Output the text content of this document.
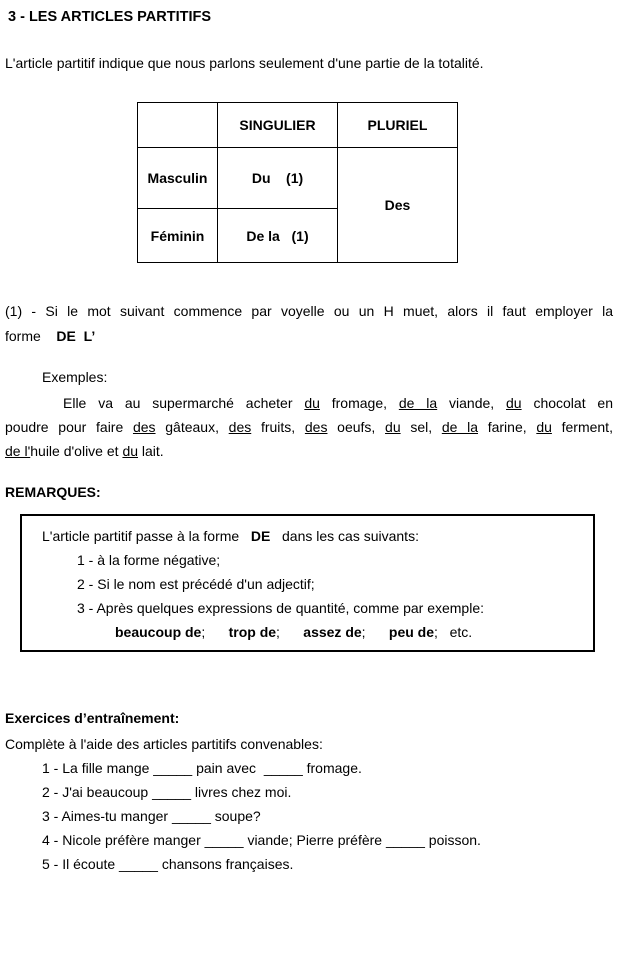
3 - LES ARTICLES PARTITIFS

L'article partitif indique que nous parlons seulement d'une partie de la totalité.

	SINGULIER	PLURIEL
Masculin	Du    (1)	Des
Féminin	De la   (1)	
(1) - Si le mot suivant commence par voyelle ou un H muet, alors il faut employer la
forme    DE  L’

Exemples:

Elle va au supermarché acheter du fromage, de la viande, du chocolat en
poudre pour faire des gâteaux, des fruits, des oeufs, du sel, de la farine, du ferment,
de l'huile d'olive et du lait.

REMARQUES:

L'article partitif passe à la forme   DE   dans les cas suivants:

1 - à la forme négative;

2 - Si le nom est précédé d'un adjectif;

3 - Après quelques expressions de quantité, comme par exemple:

beaucoup de;      trop de;      assez de;      peu de;   etc.

Exercices d’entraînement:

Complète à l'aide des articles partitifs convenables:

1 - La fille mange _____ pain avec  _____ fromage.

2 - J'ai beaucoup _____ livres chez moi.

3 - Aimes-tu manger _____ soupe?

4 - Nicole préfère manger _____ viande; Pierre préfère _____ poisson.

5 - Il écoute _____ chansons françaises.
